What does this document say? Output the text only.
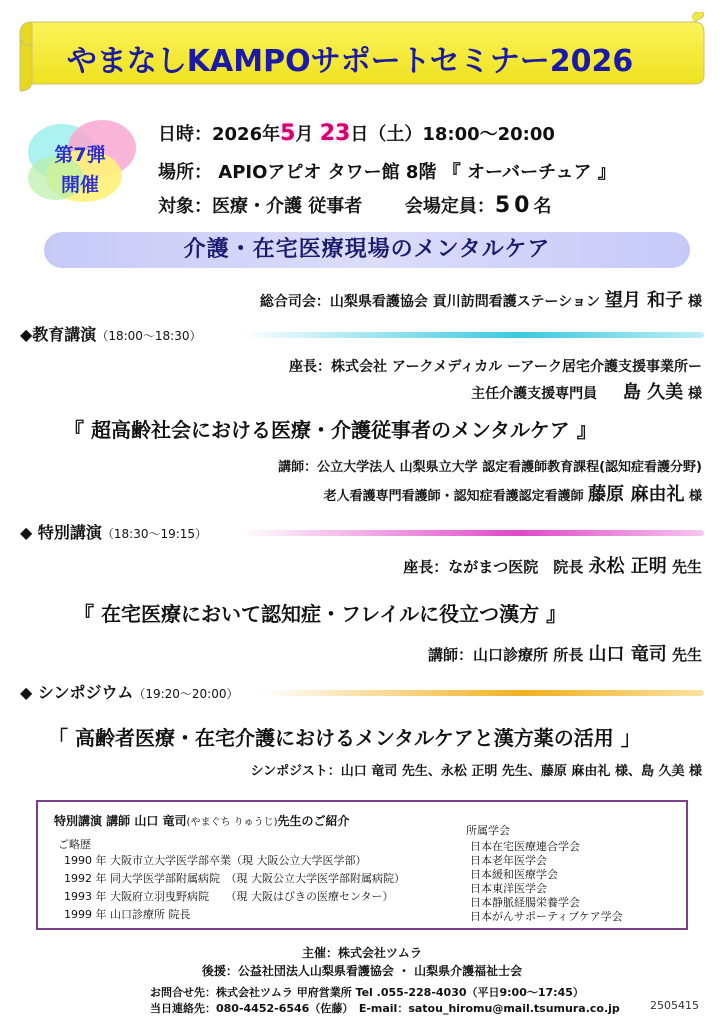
やまなしKAMPOサポートセミナー2026
第7弾
開催
日時：2026年5月 23日（土）18:00～20:00
場所： APIOアピオ タワー館 8階 『 オーバーチュア 』
対象：医療・介護 従事者 会場定員：50名
介護・在宅医療現場のメンタルケア
総合司会：山梨県看護協会 貢川訪問看護ステーション 望月 和子 様
◆教育講演（18:00～18:30）
座長：株式会社 アークメディカル ーアーク居宅介護支援事業所ー
主任介護支援専門員 島 久美 様
『 超高齢社会における医療・介護従事者のメンタルケア 』
講師：公立大学法人 山梨県立大学 認定看護師教育課程(認知症看護分野)
老人看護専門看護師・認知症看護認定看護師 藤原 麻由礼 様
◆ 特別講演（18:30～19:15）
座長：ながまつ医院　院長 永松 正明 先生
『 在宅医療において認知症・フレイルに役立つ漢方 』
講師：山口診療所 所長 山口 竜司 先生
◆ シンポジウム（19:20～20:00）
「 高齢者医療・在宅介護におけるメンタルケアと漢方薬の活用 」
シンポジスト：山口 竜司 先生、永松 正明 先生、藤原 麻由礼 様、島 久美 様
特別講演 講師 山口 竜司(やまぐち りゅうじ)先生のご紹介
ご略歴
1990 年 大阪市立大学医学部卒業（現 大阪公立大学医学部）
1992 年 同大学医学部附属病院　（現 大阪公立大学医学部附属病院）
1993 年 大阪府立羽曳野病院　　（現 大阪はびきの医療センター）
1999 年 山口診療所 院長
所属学会
日本在宅医療連合学会
日本老年医学会
日本緩和医療学会
日本東洋医学会
日本静脈経腸栄養学会
日本がんサポーティブケア学会
主催：株式会社ツムラ
後援：公益社団法人山梨県看護協会 ・ 山梨県介護福祉士会
お問合せ先：株式会社ツムラ 甲府営業所 Tel .055-228-4030（平日9:00～17:45）
当日連絡先：080-4452-6546（佐藤）　E-mail：satou_hiromu@mail.tsumura.co.jp	2505415
